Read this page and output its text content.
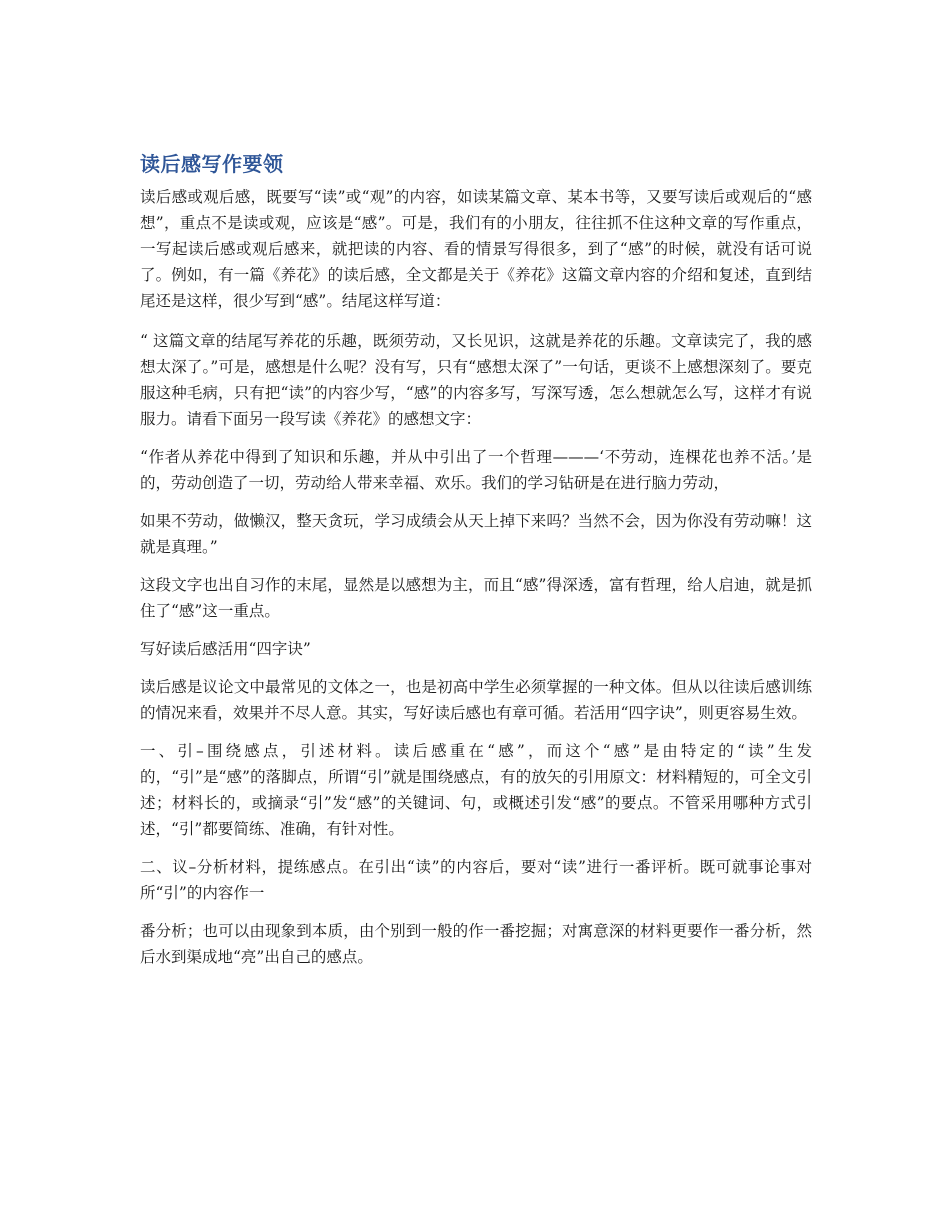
读后感写作要领

读后感或观后感，既要写“读”或“观”的内容，如读某篇文章、某本书等，又要写读后或观后的“感想”，重点不是读或观，应该是“感”。可是，我们有的小朋友，往往抓不住这种文章的写作重点，一写起读后感或观后感来，就把读的内容、看的情景写得很多，到了“感”的时候，就没有话可说了。例如，有一篇《养花》的读后感，全文都是关于《养花》这篇文章内容的介绍和复述，直到结尾还是这样，很少写到“感”。结尾这样写道：

“ 这篇文章的结尾写养花的乐趣，既须劳动，又长见识，这就是养花的乐趣。文章读完了，我的感想太深了。”可是，感想是什么呢？没有写，只有“感想太深了”一句话，更谈不上感想深刻了。要克服这种毛病，只有把“读”的内容少写，“感”的内容多写，写深写透，怎么想就怎么写，这样才有说服力。请看下面另一段写读《养花》的感想文字：

“作者从养花中得到了知识和乐趣，并从中引出了一个哲理———‘不劳动，连棵花也养不活。’是的，劳动创造了一切，劳动给人带来幸福、欢乐。我们的学习钻研是在进行脑力劳动，

如果不劳动，做懒汉，整天贪玩，学习成绩会从天上掉下来吗？当然不会，因为你没有劳动嘛！这就是真理。”

这段文字也出自习作的末尾，显然是以感想为主，而且“感”得深透，富有哲理，给人启迪，就是抓住了“感”这一重点。

写好读后感活用“四字诀”

读后感是议论文中最常见的文体之一，也是初高中学生必须掌握的一种文体。但从以往读后感训练的情况来看，效果并不尽人意。其实，写好读后感也有章可循。若活用“四字诀”，则更容易生效。

一、引–围绕感点，引述材料。读后感重在“感”，而这个“感”是由特定的“读”生发的，“引”是“感”的落脚点，所谓“引”就是围绕感点，有的放矢的引用原文：材料精短的，可全文引述；材料长的，或摘录“引”发“感”的关键词、句，或概述引发“感”的要点。不管采用哪种方式引述，“引”都要简练、准确，有针对性。

二、议–分析材料，提练感点。在引出“读”的内容后，要对“读”进行一番评析。既可就事论事对所“引”的内容作一

番分析；也可以由现象到本质，由个别到一般的作一番挖掘；对寓意深的材料更要作一番分析，然后水到渠成地“亮”出自己的感点。
